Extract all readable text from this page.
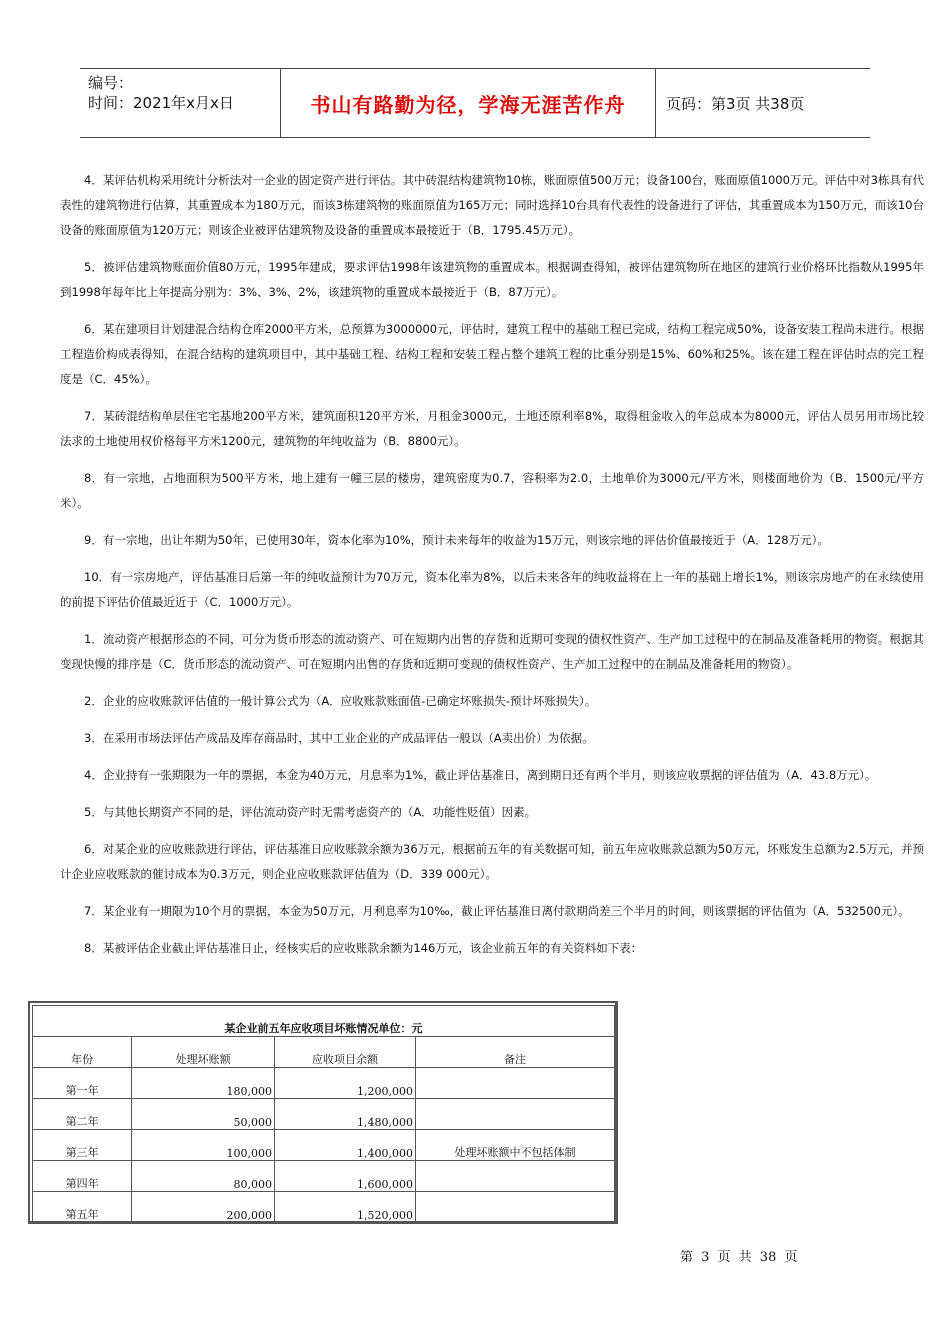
编号：
时间：2021年x月x日	书山有路勤为径，学海无涯苦作舟	页码：第3页 共38页

4．某评估机构采用统计分析法对一企业的固定资产进行评估。其中砖混结构建筑物10栋，账面原值500万元；设备100台，账面原值1000万元。评估中对3栋具有代表性的建筑物进行估算，其重置成本为180万元，而该3栋建筑物的账面原值为165万元；同时选择10台具有代表性的设备进行了评估，其重置成本为150万元，而该10台设备的账面原值为120万元；则该企业被评估建筑物及设备的重置成本最接近于（B．1795.45万元）。

5．被评估建筑物账面价值80万元，1995年建成，要求评估1998年该建筑物的重置成本。根据调查得知，被评估建筑物所在地区的建筑行业价格环比指数从1995年到1998年每年比上年提高分别为：3%、3%、2%，该建筑物的重置成本最接近于（B．87万元）。

6．某在建项目计划建混合结构仓库2000平方米，总预算为3000000元，评估时，建筑工程中的基础工程已完成，结构工程完成50%，设备安装工程尚未进行。根据工程造价构成表得知，在混合结构的建筑项目中，其中基础工程、结构工程和安装工程占整个建筑工程的比重分别是15%、60%和25%。该在建工程在评估时点的完工程度是（C．45%）。

7．某砖混结构单层住宅宅基地200平方米，建筑面积120平方米，月租金3000元，土地还原利率8%，取得租金收入的年总成本为8000元，评估人员另用市场比较法求的土地使用权价格每平方米1200元，建筑物的年纯收益为（B．8800元）。

8．有一宗地，占地面积为500平方米，地上建有一幢三层的楼房，建筑密度为0.7，容积率为2.0，土地单价为3000元/平方米，则楼面地价为（B．1500元/平方米）。

9．有一宗地，出让年期为50年，已使用30年，资本化率为10%，预计未来每年的收益为15万元，则该宗地的评估价值最接近于（A．128万元）。

10．有一宗房地产，评估基准日后第一年的纯收益预计为70万元，资本化率为8%，以后未来各年的纯收益将在上一年的基础上增长1%，则该宗房地产的在永续使用的前提下评估价值最近近于（C．1000万元）。

1．流动资产根据形态的不同，可分为货币形态的流动资产、可在短期内出售的存货和近期可变现的债权性资产、生产加工过程中的在制品及准备耗用的物资。根据其变现快慢的排序是（C．货币形态的流动资产、可在短期内出售的存货和近期可变现的债权性资产、生产加工过程中的在制品及准备耗用的物资）。

2．企业的应收账款评估值的一般计算公式为（A．应收账款账面值-已确定坏账损失-预计坏账损失）。

3．在采用市场法评估产成品及库存商品时，其中工业企业的产成品评估一般以（A卖出价）为依据。

4．企业持有一张期限为一年的票据，本金为40万元，月息率为1%，截止评估基准日，离到期日还有两个半月，则该应收票据的评估值为（A．43.8万元）。

5．与其他长期资产不同的是，评估流动资产时无需考虑资产的（A．功能性贬值）因素。

6．对某企业的应收账款进行评估，评估基准日应收账款余额为36万元，根据前五年的有关数据可知，前五年应收账款总额为50万元，坏账发生总额为2.5万元，并预计企业应收账款的催讨成本为0.3万元，则企业应收账款评估值为（D．339 000元）。

7．某企业有一期限为10个月的票据，本金为50万元，月利息率为10‰，截止评估基准日离付款期尚差三个半月的时间，则该票据的评估值为（A．532500元）。

8．某被评估企业截止评估基准日止，经核实后的应收账款余额为146万元，该企业前五年的有关资料如下表：

某企业前五年应收项目坏账情况单位：元			
年份	处理坏账额	应收项目余额	备注
第一年	180,000	1,200,000	
第二年	50,000	1,480,000	
第三年	100,000	1,400,000	处理坏账额中不包括体制
第四年	80,000	1,600,000	
第五年	200,000	1,520,000	
第 3 页 共 38 页
